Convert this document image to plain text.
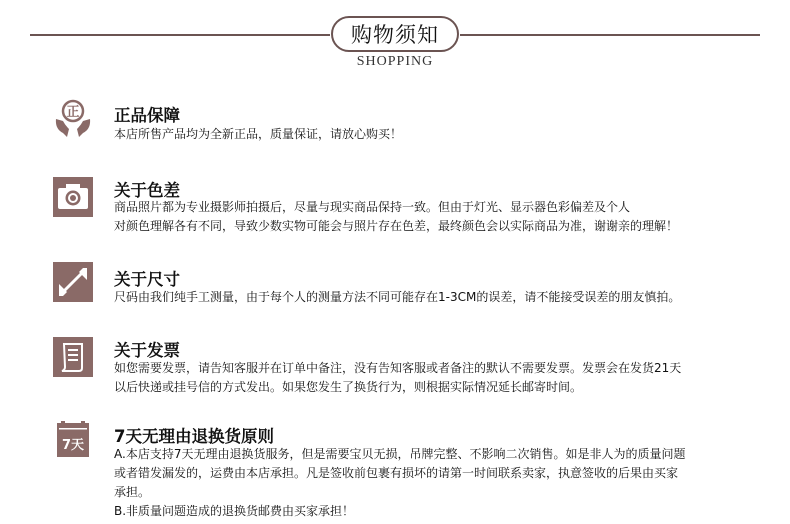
购物须知
SHOPPING
正 正品保障
本店所售产品均为全新正品，质量保证，请放心购买！
关于色差
商品照片都为专业摄影师拍摄后，尽量与现实商品保持一致。但由于灯光、显示器色彩偏差及个人
对颜色理解各有不同，导致少数实物可能会与照片存在色差，最终颜色会以实际商品为准，谢谢亲的理解！
关于尺寸
尺码由我们纯手工测量，由于每个人的测量方法不同可能存在1-3CM的误差，请不能接受误差的朋友慎拍。
关于发票
如您需要发票，请告知客服并在订单中备注，没有告知客服或者备注的默认不需要发票。发票会在发货21天
以后快递或挂号信的方式发出。如果您发生了换货行为，则根据实际情况延长邮寄时间。
7天 7天无理由退换货原则
A.本店支持7天无理由退换货服务，但是需要宝贝无损，吊牌完整、不影响二次销售。如是非人为的质量问题
或者错发漏发的，运费由本店承担。凡是签收前包裹有损坏的请第一时间联系卖家，执意签收的后果由买家
承担。
B.非质量问题造成的退换货邮费由买家承担！
